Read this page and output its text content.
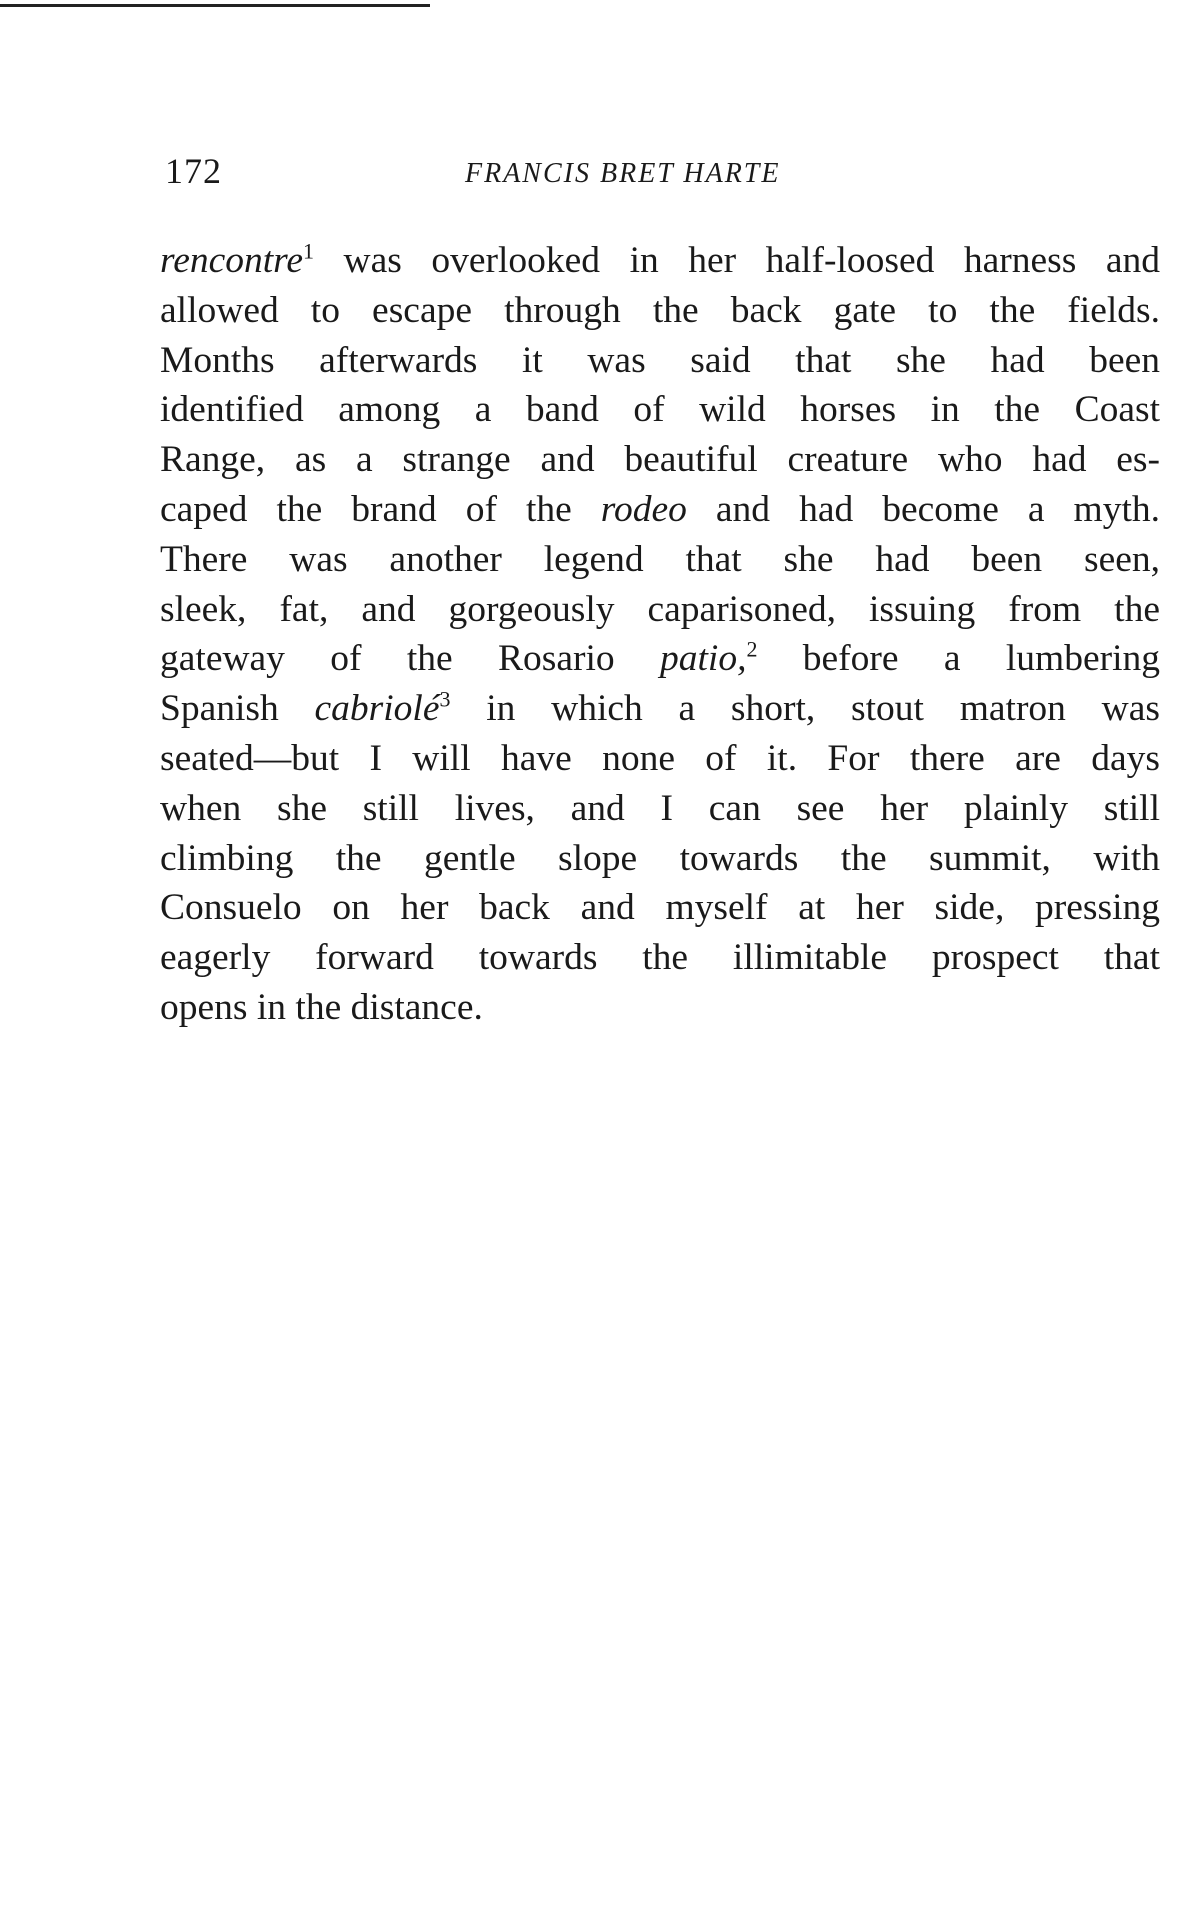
172	FRANCIS BRET HARTE
rencontre$^1$ was overlooked in her half-loosed harness and
allowed to escape through the back gate to the fields.
Months afterwards it was said that she had been
identified among a band of wild horses in the Coast
Range, as a strange and beautiful creature who had es-
caped the brand of the rodeo and had become a myth.
There was another legend that she had been seen,
sleek, fat, and gorgeously caparisoned, issuing from the
gateway of the Rosario patio,$^2$ before a lumbering
Spanish cabriolé$^3$ in which a short, stout matron was
seated—but I will have none of it. For there are days
when she still lives, and I can see her plainly still
climbing the gentle slope towards the summit, with
Consuelo on her back and myself at her side, pressing
eagerly forward towards the illimitable prospect that
opens in the distance.
